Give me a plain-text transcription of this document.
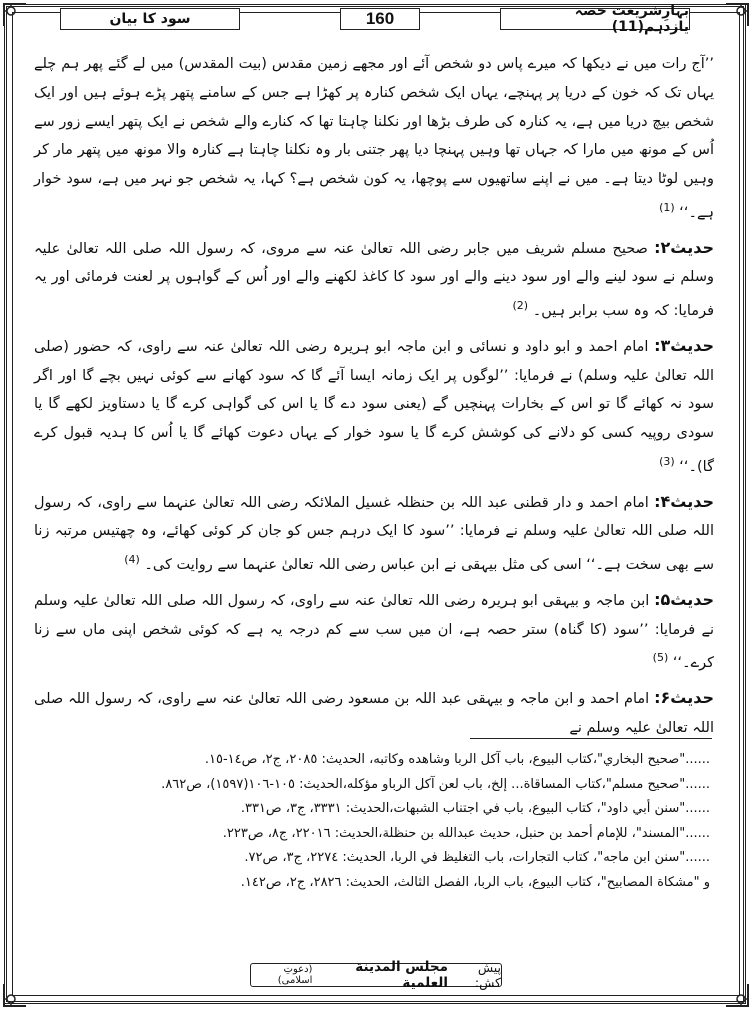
بہارِشریعت حصہ یازدہم(11)
160
سود کا بیان

’’آج رات میں نے دیکھا کہ میرے پاس دو شخص آئے اور مجھے زمین مقدس (بیت المقدس) میں لے گئے پھر ہم چلے یہاں تک کہ خون کے دریا پر پہنچے، یہاں ایک شخص کنارہ پر کھڑا ہے جس کے سامنے پتھر پڑے ہوئے ہیں اور ایک شخص بیچ دریا میں ہے، یہ کنارہ کی طرف بڑھا اور نکلنا چاہتا تھا کہ کنارے والے شخص نے ایک پتھر ایسے زور سے اُس کے مونھ میں مارا کہ جہاں تھا وہیں پہنچا دیا پھر جتنی بار وہ نکلنا چاہتا ہے کنارہ والا مونھ میں پتھر مار کر وہیں لوٹا دیتا ہے۔ میں نے اپنے ساتھیوں سے پوچھا، یہ کون شخص ہے؟ کہا، یہ شخص جو نہر میں ہے، سود خوار ہے۔‘‘ $^{(1)}$

حدیث۲: صحیح مسلم شریف میں جابر رضی اللہ تعالیٰ عنہ سے مروی، کہ رسول اللہ صلی اللہ تعالیٰ علیہ وسلم نے سود لینے والے اور سود دینے والے اور سود کا کاغذ لکھنے والے اور اُس کے گواہوں پر لعنت فرمائی اور یہ فرمایا: کہ وہ سب برابر ہیں۔ $^{(2)}$

حدیث۳: امام احمد و ابو داود و نسائی و ابن ماجہ ابو ہریرہ رضی اللہ تعالیٰ عنہ سے راوی، کہ حضور (صلی اللہ تعالیٰ علیہ وسلم) نے فرمایا: ’’لوگوں پر ایک زمانہ ایسا آئے گا کہ سود کھانے سے کوئی نہیں بچے گا اور اگر سود نہ کھائے گا تو اس کے بخارات پہنچیں گے (یعنی سود دے گا یا اس کی گواہی کرے گا یا دستاویز لکھے گا یا سودی روپیہ کسی کو دلانے کی کوشش کرے گا یا سود خوار کے یہاں دعوت کھائے گا یا اُس کا ہدیہ قبول کرے گا)۔‘‘ $^{(3)}$

حدیث۴: امام احمد و دار قطنی عبد اللہ بن حنظلہ غسیل الملائکہ رضی اللہ تعالیٰ عنہما سے راوی، کہ رسول اللہ صلی اللہ تعالیٰ علیہ وسلم نے فرمایا: ’’سود کا ایک درہم جس کو جان کر کوئی کھائے، وہ چھتیس مرتبہ زنا سے بھی سخت ہے۔‘‘ اسی کی مثل بیہقی نے ابن عباس رضی اللہ تعالیٰ عنہما سے روایت کی۔ $^{(4)}$

حدیث۵: ابن ماجہ و بیہقی ابو ہریرہ رضی اللہ تعالیٰ عنہ سے راوی، کہ رسول اللہ صلی اللہ تعالیٰ علیہ وسلم نے فرمایا: ’’سود (کا گناہ) ستر حصہ ہے، ان میں سب سے کم درجہ یہ ہے کہ کوئی شخص اپنی ماں سے زنا کرے۔‘‘ $^{(5)}$

حدیث۶: امام احمد و ابن ماجہ و بیہقی عبد اللہ بن مسعود رضی اللہ تعالیٰ عنہ سے راوی، کہ رسول اللہ صلی اللہ تعالیٰ علیہ وسلم نے

......"صحيح البخاري"،كتاب البيوع، باب آكل الربا وشاهده وكاتبه، الحديث: ٢٠٨٥، ج٢، ص١٤-١٥.
......"صحيح مسلم"،كتاب المساقاة... إلخ، باب لعن آكل الرباو مؤكله،الحديث: ١٠٥-١٠٦(١٥٩٧)، ص٨٦٢.
......"سنن أبي داود"، كتاب البيوع، باب في اجتناب الشبهات،الحديث: ٣٣٣١، ج٣، ص٣٣١.
......"المسند"، للإمام أحمد بن حنبل، حديث عبدالله بن حنظلة،الحديث: ٢٢٠١٦، ج٨، ص٢٢٣.
......"سنن ابن ماجه"، كتاب التجارات، باب التغليظ في الربا، الحديث: ٢٢٧٤، ج٣، ص٧٢.
و "مشكاة المصابيح"، كتاب البيوع، باب الربا، الفصل الثالث، الحديث: ٢٨٢٦، ج٢، ص١٤٢.
پیش کش:
مجلس المدينة العلمية
(دعوتِ اسلامی)
